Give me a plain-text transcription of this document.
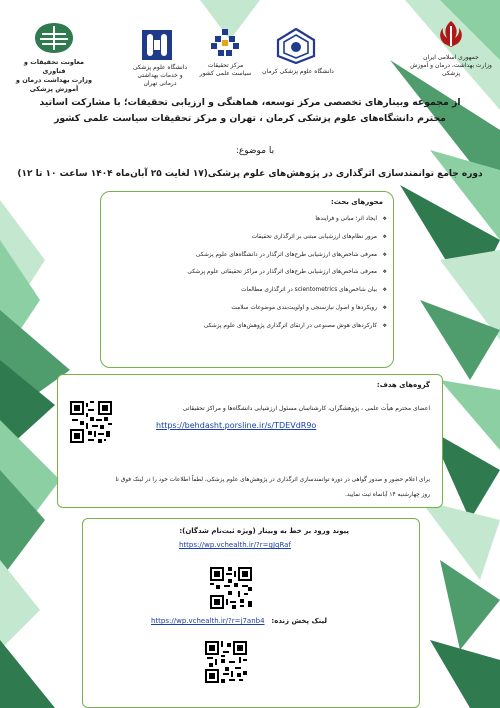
جمهوری اسلامی ایران
وزارت بهداشت، درمان و آموزش پزشکی
دانشگاه علوم پزشکی کرمان
مرکز تحقیقات سیاست علمی کشور
دانشگاه علوم پزشکی
و خدمات بهداشتی درمانی تهران
معاونت تحقیقات و فناوری
وزارت بهداشت درمان و آموزش پزشکی
از مجموعه وبینارهای تخصصی مرکز توسعه، هماهنگی و ارزیابی تحقیقات؛ با مشارکت اساتید
محترم دانشگاه‌های علوم پزشکی کرمان ، تهران و مرکز تحقیقات سیاست علمی کشور
با موضوع:
دوره جامع توانمندسازی اثرگذاری در پژوهش‌های علوم پزشکی(۱۷ لغایت ۲۵ آبان‌ماه ۱۴۰۴ ساعت ۱۰ تا ۱۲)
محورهای بحث:
❖
ایجاد اثر؛ مبانی و فرایندها
❖
مرور نظام‌های ارزشیابی مبتنی بر اثرگذاری تحقیقات
❖
معرفی شاخص‌های ارزشیابی طرح‌های اثرگذار در دانشگاه‌های علوم پزشکی
❖
معرفی شاخص‌های ارزشیابی طرح‌های اثرگذار در مراکز تحقیقاتی علوم پزشکی
❖
بیان شاخص‌های scientometrics در اثرگذاری مطالعات
❖
رویکردها و اصول نیازسنجی و اولویت‌بندی موضوعات سلامت
❖
کارکردهای هوش مصنوعی در ارتقای اثرگذاری پژوهش‌های علوم پزشکی
گروه‌های هدف:
اعضای محترم هیأت علمی ، پژوهشگران، کارشناسان مسئول ارزشیابی دانشگاه‌ها و مراکز تحقیقاتی
https://behdasht.porsline.ir/s/TDEVdR9o
برای اعلام حضور و صدور گواهی در دوره توانمندسازی اثرگذاری در پژوهش‌های علوم پزشکی، لطفاً اطلاعات خود را در لینک فوق تا
روز چهارشنبه ۱۴ آبانماه ثبت نمایید.
پیوند ورود بر خط به وبینار (ویژه ثبت‌نام شدگان):
https://wp.vchealth.ir/?r=gJqRaf
لینک پخش زنده:
https://wp.vchealth.ir/?r=j7anb4
